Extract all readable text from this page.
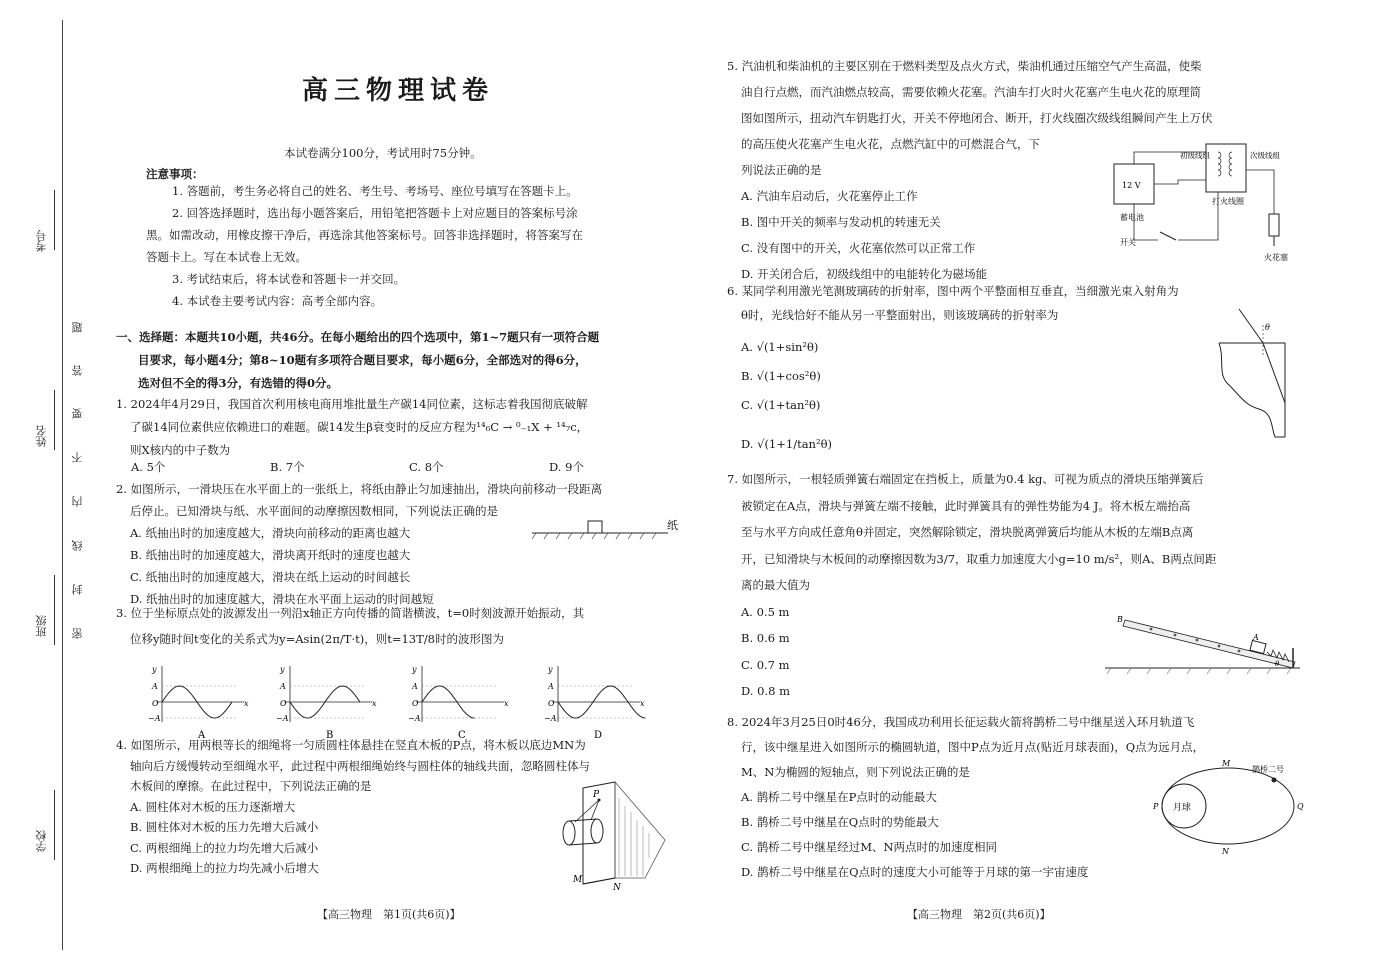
考号
姓名
班级
学校
题
答
要
不
内
线
封
密
高三物理试卷
本试卷满分100分，考试用时75分钟。
注意事项：
1. 答题前，考生务必将自己的姓名、考生号、考场号、座位号填写在答题卡上。
2. 回答选择题时，选出每小题答案后，用铅笔把答题卡上对应题目的答案标号涂
黑。如需改动，用橡皮擦干净后，再选涂其他答案标号。回答非选择题时，将答案写在
答题卡上。写在本试卷上无效。
3. 考试结束后，将本试卷和答题卡一并交回。
4. 本试卷主要考试内容：高考全部内容。
一、选择题：本题共10小题，共46分。在每小题给出的四个选项中，第1~7题只有一项符合题
目要求，每小题4分；第8~10题有多项符合题目要求，每小题6分，全部选对的得6分，
选对但不全的得3分，有选错的得0分。
1. 2024年4月29日，我国首次利用核电商用堆批量生产碳14同位素，这标志着我国彻底破解
了碳14同位素供应依赖进口的难题。碳14发生β衰变时的反应方程为¹⁴₆C → ⁰₋₁X + ¹⁴₇c，
则X核内的中子数为
A. 5个	B. 7个	C. 8个	D. 9个
2. 如图所示，一滑块压在水平面上的一张纸上，将纸由静止匀加速抽出，滑块向前移动一段距离
后停止。已知滑块与纸、水平面间的动摩擦因数相同，下列说法正确的是
A. 纸抽出时的加速度越大，滑块向前移动的距离也越大
B. 纸抽出时的加速度越大，滑块离开纸时的速度也越大
C. 纸抽出时的加速度越大，滑块在纸上运动的时间越长
D. 纸抽出时的加速度越大，滑块在水平面上运动的时间越短
纸
3. 位于坐标原点处的波源发出一列沿x轴正方向传播的简谐横波，t=0时刻波源开始振动，其
位移y随时间t变化的关系式为y=Asin(2π/T·t)，则t=13T/8时的波形图为
y
x
O
A
−A
A
y
x
O
A
−A
B
y
x
O
A
−A
C
y
x
O
A
−A
D
4. 如图所示，用两根等长的细绳将一匀质圆柱体悬挂在竖直木板的P点，将木板以底边MN为
轴向后方缓慢转动至细绳水平，此过程中两根细绳始终与圆柱体的轴线共面，忽略圆柱体与
木板间的摩擦。在此过程中，下列说法正确的是
A. 圆柱体对木板的压力逐渐增大
B. 圆柱体对木板的压力先增大后减小
C. 两根细绳上的拉力均先增大后减小
D. 两根细绳上的拉力均先减小后增大
P
M
N
【高三物理　第1页(共6页)】
5. 汽油机和柴油机的主要区别在于燃料类型及点火方式，柴油机通过压缩空气产生高温，使柴
油自行点燃，而汽油燃点较高，需要依赖火花塞。汽油车打火时火花塞产生电火花的原理简
图如图所示，扭动汽车钥匙打火，开关不停地闭合、断开，打火线圈次级线组瞬间产生上万伏
的高压使火花塞产生电火花，点燃汽缸中的可燃混合气，下
列说法正确的是
A. 汽油车启动后，火花塞停止工作
B. 图中开关的频率与发动机的转速无关
C. 没有图中的开关，火花塞依然可以正常工作
D. 开关闭合后，初级线组中的电能转化为磁场能
12 V
蓄电池
初级线组	次级线组
打火线圈
开关
火花塞
6. 某同学利用激光笔测玻璃砖的折射率，图中两个平整面相互垂直，当细激光束入射角为
θ时，光线恰好不能从另一平整面射出，则该玻璃砖的折射率为
A. √(1+sin²θ)
B. √(1+cos²θ)
C. √(1+tan²θ)
D. √(1+1/tan²θ)
θ
7. 如图所示，一根轻质弹簧右端固定在挡板上，质量为0.4 kg、可视为质点的滑块压缩弹簧后
被锁定在A点，滑块与弹簧左端不接触，此时弹簧具有的弹性势能为4 J。将木板左端抬高
至与水平方向成任意角θ并固定，突然解除锁定，滑块脱离弹簧后均能从木板的左端B点离
开，已知滑块与木板间的动摩擦因数为3/7，取重力加速度大小g=10 m/s²，则A、B两点间距
离的最大值为
A. 0.5 m
B. 0.6 m
C. 0.7 m
D. 0.8 m
B
A
θ
8. 2024年3月25日0时46分，我国成功利用长征运载火箭将鹊桥二号中继星送入环月轨道飞
行，该中继星进入如图所示的椭圆轨道，图中P点为近月点(贴近月球表面)，Q点为远月点，
M、N为椭圆的短轴点，则下列说法正确的是
A. 鹊桥二号中继星在P点时的动能最大
B. 鹊桥二号中继星在Q点时的势能最大
C. 鹊桥二号中继星经过M、N两点时的加速度相同
D. 鹊桥二号中继星在Q点时的速度大小可能等于月球的第一宇宙速度
月球
鹊桥二号
M
N
P	Q
【高三物理　第2页(共6页)】
